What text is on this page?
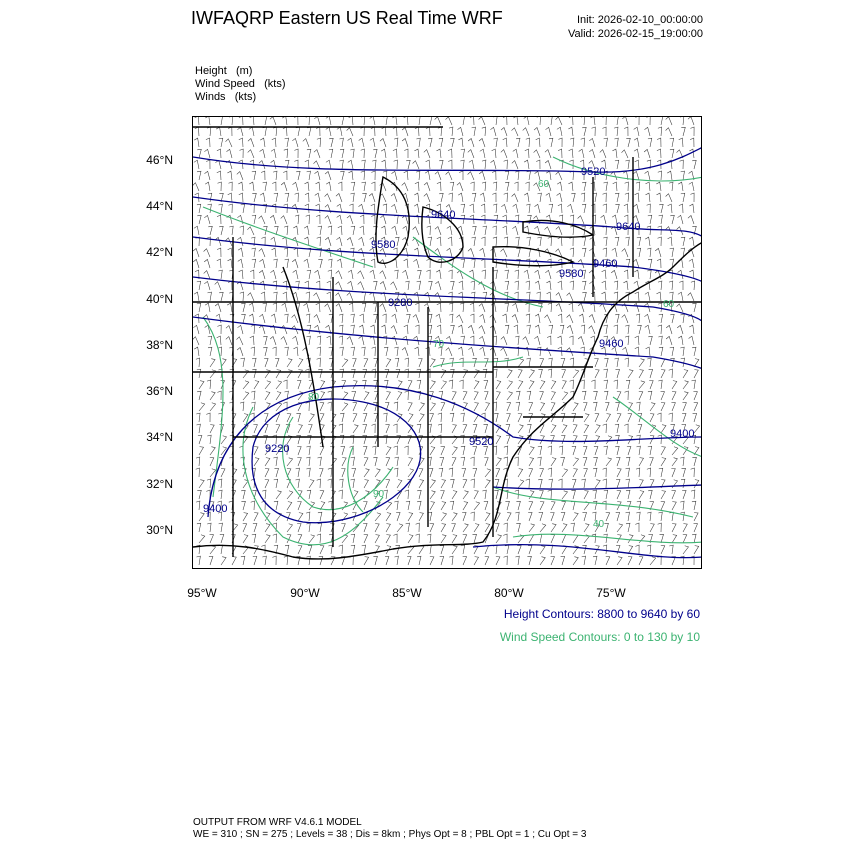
IWFAQRP Eastern US Real Time WRF	Init: 2026-02-10_00:00:00
Valid: 2026-02-15_19:00:00
Height   (m)
Wind Speed   (kts)
Winds   (kts)
46°N
44°N
42°N
40°N
38°N
36°N
34°N
32°N
30°N
95°W	90°W	85°W	80°W	75°W
9520
9640
9640
9580
9580
9280
9460
9520
9400
9220
9400
9460
60
70
80
90
40
60
Height Contours: 8800 to 9640 by 60
Wind Speed Contours: 0 to 130 by 10
OUTPUT FROM WRF V4.6.1 MODEL
WE = 310 ; SN = 275 ; Levels = 38 ; Dis = 8km ; Phys Opt = 8 ; PBL Opt = 1 ; Cu Opt = 3
